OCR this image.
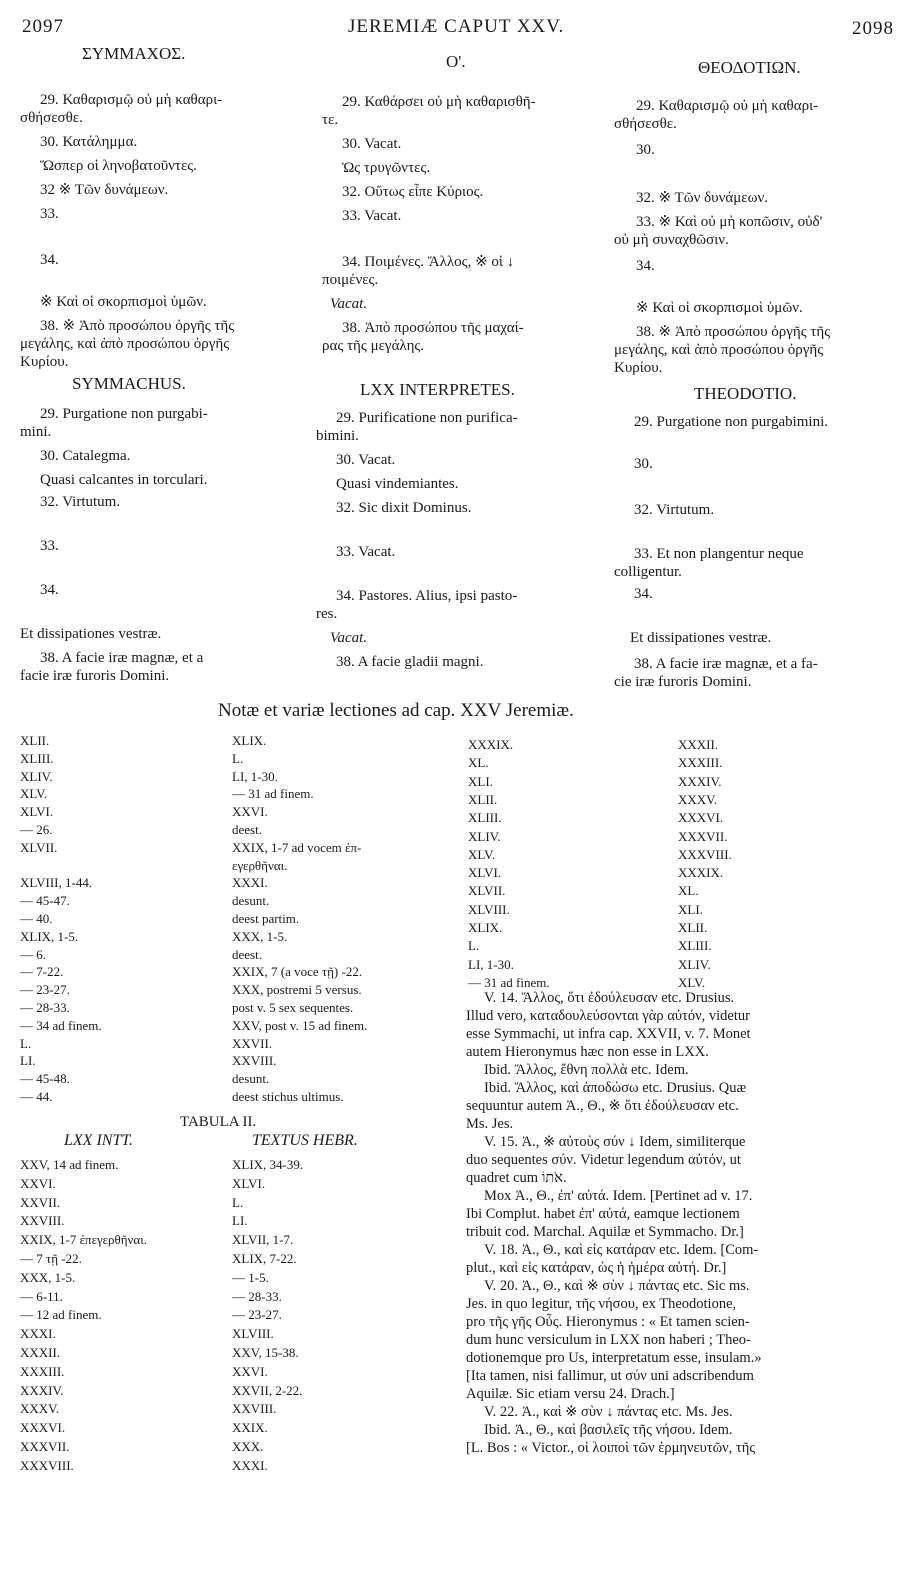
2097	JEREMIÆ CAPUT XXV.	2098
ΣΥΜΜΑΧΟΣ.	Ο'.	ΘΕΟΔΟΤΙΩΝ.
29. Καθαρισμῷ οὐ μὴ καθαρι-
σθήσεσθε.
30. Κατάλημμα.
Ὥσπερ οἱ ληνοβατοῦντες.
32 ※ Τῶν δυνάμεων.
33.
34.
※ Καὶ οἱ σκορπισμοὶ ὑμῶν.
38. ※ Ἀπὸ προσώπου ὀργῆς τῆς
μεγάλης, καὶ ἀπὸ προσώπου ὀργῆς
Κυρίου.
29. Καθάρσει οὐ μὴ καθαρισθῆ-
τε.
30. Vacat.
Ὡς τρυγῶντες.
32. Οὕτως εἶπε Κύριος.
33. Vacat.
34. Ποιμένες. Ἄλλος, ※ οἱ ↓
ποιμένες.
Vacat.
38. Ἀπὸ προσώπου τῆς μαχαί-
ρας τῆς μεγάλης.
29. Καθαρισμῷ οὐ μὴ καθαρι-
σθήσεσθε.
30.
32. ※ Τῶν δυνάμεων.
33. ※ Καὶ οὐ μὴ κοπῶσιν, οὐδ'
οὐ μὴ συναχθῶσιν.
34.
※ Καὶ οἱ σκορπισμοὶ ὑμῶν.
38. ※ Ἀπὸ προσώπου ὀργῆς τῆς
μεγάλης, καὶ ἀπὸ προσώπου ὀργῆς
Κυρίου.
SYMMACHUS.	LXX INTERPRETES.	THEODOTIO.
29. Purgatione non purgabi-
mini.
30. Catalegma.
Quasi calcantes in torculari.
32. Virtutum.
33.
34.
Et dissipationes vestræ.
38. A facie iræ magnæ, et a
facie iræ furoris Domini.
29. Purificatione non purifica-
bimini.
30. Vacat.
Quasi vindemiantes.
32. Sic dixit Dominus.
33. Vacat.
34. Pastores. Alius, ipsi pasto-
res.
Vacat.
38. A facie gladii magni.
29. Purgatione non purgabimini.
30.
32. Virtutum.
33. Et non plangentur neque
colligentur.
34.
Et dissipationes vestræ.
38. A facie iræ magnæ, et a fa-
cie iræ furoris Domini.
Notæ et variæ lectiones ad cap. XXV Jeremiæ.
XLII.	XLIX.
XLIII.	L.
XLIV.	LI, 1-30.
XLV.	— 31 ad finem.
XLVI.	XXVI.
— 26.	deest.
XLVII.	XXIX, 1-7 ad vocem ἐπ-
εγερθῆναι.
XLVIII, 1-44.	XXXI.
— 45-47.	desunt.
— 40.	deest partim.
XLIX, 1-5.	XXX, 1-5.
— 6.	deest.
— 7-22.	XXIX, 7 (a voce τῇ) -22.
— 23-27.	XXX, postremi 5 versus.
— 28-33.	post v. 5 sex sequentes.
— 34 ad finem.	XXV, post v. 15 ad finem.
L.	XXVII.
LI.	XXVIII.
— 45-48.	desunt.
— 44.	deest stichus ultimus.
TABULA II.
LXX INTT.	TEXTUS HEBR.
XXV, 14 ad finem.	XLIX, 34-39.
XXVI.	XLVI.
XXVII.	L.
XXVIII.	LI.
XXIX, 1-7 ἐπεγερθῆναι.	XLVII, 1-7.
— 7 τῇ -22.	XLIX, 7-22.
XXX, 1-5.	— 1-5.
— 6-11.	— 28-33.
— 12 ad finem.	— 23-27.
XXXI.	XLVIII.
XXXII.	XXV, 15-38.
XXXIII.	XXVI.
XXXIV.	XXVII, 2-22.
XXXV.	XXVIII.
XXXVI.	XXIX.
XXXVII.	XXX.
XXXVIII.	XXXI.
XXXIX.	XXXII.
XL.	XXXIII.
XLI.	XXXIV.
XLII.	XXXV.
XLIII.	XXXVI.
XLIV.	XXXVII.
XLV.	XXXVIII.
XLVI.	XXXIX.
XLVII.	XL.
XLVIII.	XLI.
XLIX.	XLII.
L.	XLIII.
LI, 1-30.	XLIV.
— 31 ad finem.	XLV.
V. 14. Ἄλλος, ὅτι ἐδούλευσαν etc. Drusius.
Illud vero, καταδουλεύσονται γὰρ αὐτόν, videtur
esse Symmachi, ut infra cap. XXVII, v. 7. Monet
autem Hieronymus hæc non esse in LXX.
Ibid. Ἄλλος, ἔθνη πολλὰ etc. Idem.
Ibid. Ἄλλος, καὶ ἀποδώσω etc. Drusius. Quæ
sequuntur autem Ἀ., Θ., ※ ὅτι ἐδούλευσαν etc.
Ms. Jes.
V. 15. Ἀ., ※ αὐτοὺς σύν ↓ Idem, similiterque
duo sequentes σύν. Videtur legendum αὐτόν, ut
quadret cum אֹתוֹ.
Mox Ἀ., Θ., ἐπ' αὐτά. Idem. [Pertinet ad v. 17.
Ibi Complut. habet ἐπ' αὐτά, eamque lectionem
tribuit cod. Marchal. Aquilæ et Symmacho. Dr.]
V. 18. Ἀ., Θ., καὶ εἰς κατάραν etc. Idem. [Com-
plut., καὶ εἰς κατάραν, ὡς ἡ ἡμέρα αὐτή. Dr.]
V. 20. Ἀ., Θ., καὶ ※ σὺν ↓ πάντας etc. Sic ms.
Jes. in quo legitur, τῆς νήσου, ex Theodotione,
pro τῆς γῆς Οὖς. Hieronymus : « Et tamen scien-
dum hunc versiculum in LXX non haberi ; Theo-
dotionemque pro Us, interpretatum esse, insulam.»
[Ita tamen, nisi fallimur, ut σύν uni adscribendum
Aquilæ. Sic etiam versu 24. Drach.]
V. 22. Ἀ., καὶ ※ σὺν ↓ πάντας etc. Ms. Jes.
Ibid. Ἀ., Θ., καὶ βασιλεῖς τῆς νήσου. Idem.
[L. Bos : « Victor., οἱ λοιποὶ τῶν ἑρμηνευτῶν, τῆς
